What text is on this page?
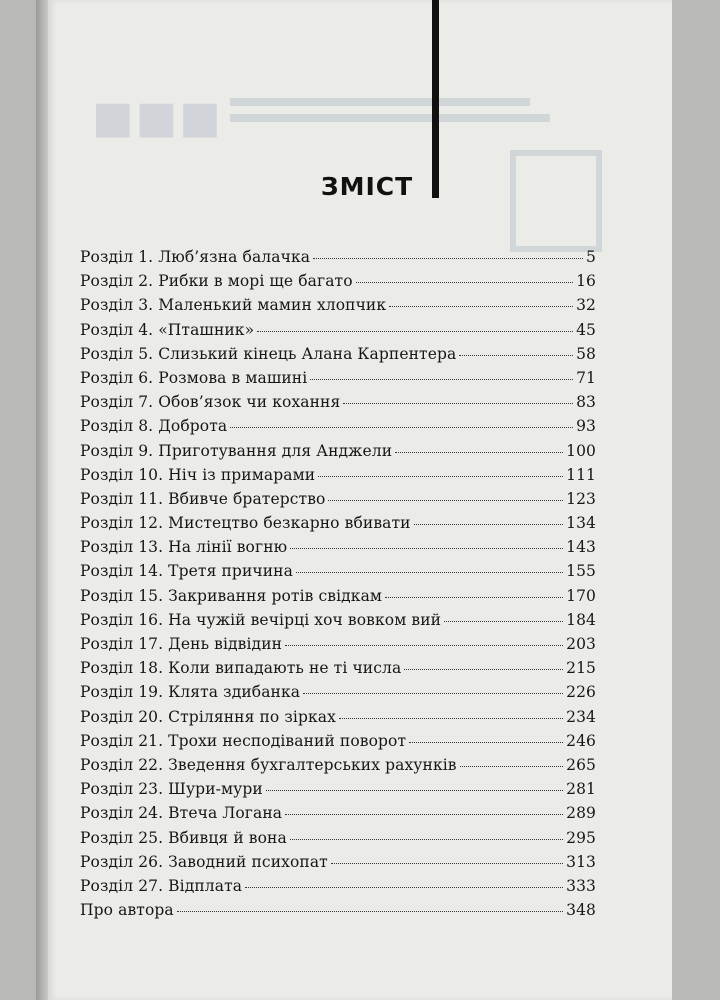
■■■
ЗМІСТ
Розділ 1. Люб’язна балачка	5
Розділ 2. Рибки в морі ще багато	16
Розділ 3. Маленький мамин хлопчик	32
Розділ 4. «Пташник»	45
Розділ 5. Слизький кінець Алана Карпентера	58
Розділ 6. Розмова в машині	71
Розділ 7. Обов’язок чи кохання	83
Розділ 8. Доброта	93
Розділ 9. Приготування для Анджели	100
Розділ 10. Ніч із примарами	111
Розділ 11. Вбивче братерство	123
Розділ 12. Мистецтво безкарно вбивати	134
Розділ 13. На лінії вогню	143
Розділ 14. Третя причина	155
Розділ 15. Закривання ротів свідкам	170
Розділ 16. На чужій вечірці хоч вовком вий	184
Розділ 17. День відвідин	203
Розділ 18. Коли випадають не ті числа	215
Розділ 19. Клята здибанка	226
Розділ 20. Стріляння по зірках	234
Розділ 21. Трохи несподіваний поворот	246
Розділ 22. Зведення бухгалтерських рахунків	265
Розділ 23. Шури-мури	281
Розділ 24. Втеча Логана	289
Розділ 25. Вбивця й вона	295
Розділ 26. Заводний психопат	313
Розділ 27. Відплата	333
Про автора	348
